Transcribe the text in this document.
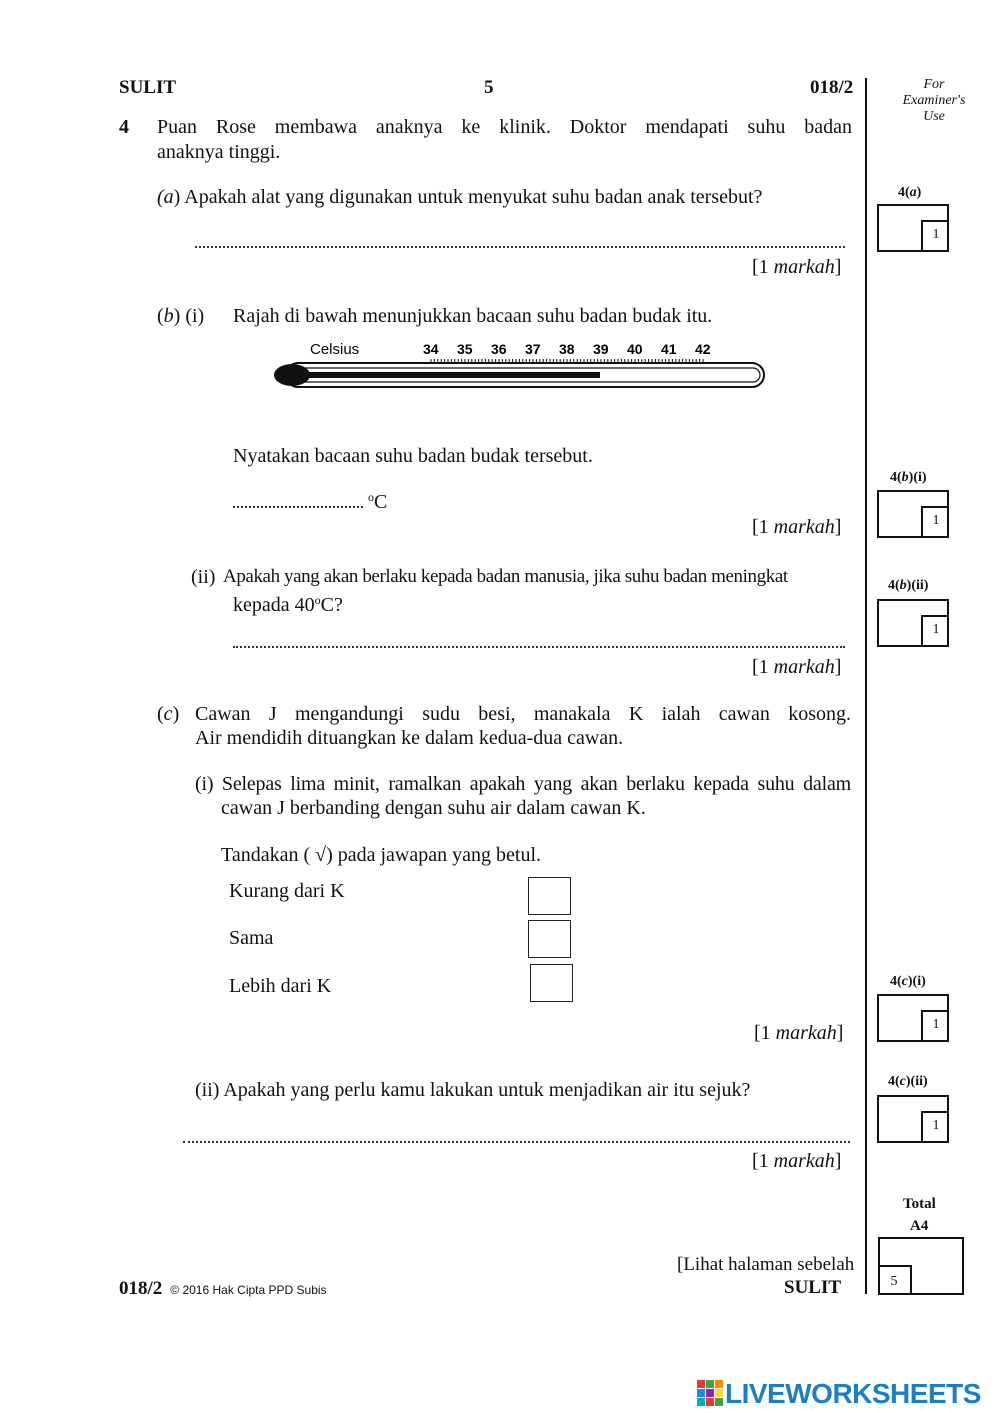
SULIT	5	018/2	For
Examiner's
Use
4 Puan Rose membawa anaknya ke klinik. Doktor mendapati suhu badan
anaknya tinggi.
(a) Apakah alat yang digunakan untuk menyukat suhu badan anak tersebut?
[1 markah]
(b) (i) Rajah di bawah menunjukkan bacaan suhu badan budak itu.
Celsius	34 35 36 37 38 39 40 41 42
Nyatakan bacaan suhu badan budak tersebut.
$^o$C
[1 markah]
(ii) Apakah yang akan berlaku kepada badan manusia, jika suhu badan meningkat
kepada 40$^o$C?
[1 markah]
(c) Cawan J mengandungi sudu besi, manakala K ialah cawan kosong.
Air mendidih dituangkan ke dalam kedua-dua cawan.
(i) Selepas lima minit, ramalkan apakah yang akan berlaku kepada suhu dalam
cawan J berbanding dengan suhu air dalam cawan K.
Tandakan ( √) pada jawapan yang betul.
Kurang dari K
Sama
Lebih dari K
[1 markah]
(ii) Apakah yang perlu kamu lakukan untuk menjadikan air itu sejuk?
[1 markah]
4(a)
1
4(b)(i)
1
4(b)(ii)
1
4(c)(i)
1
4(c)(ii)
1
Total
A4
5
018/2 © 2016 Hak Cipta PPD Subis
[Lihat halaman sebelah
SULIT
LIVEWORKSHEETS
